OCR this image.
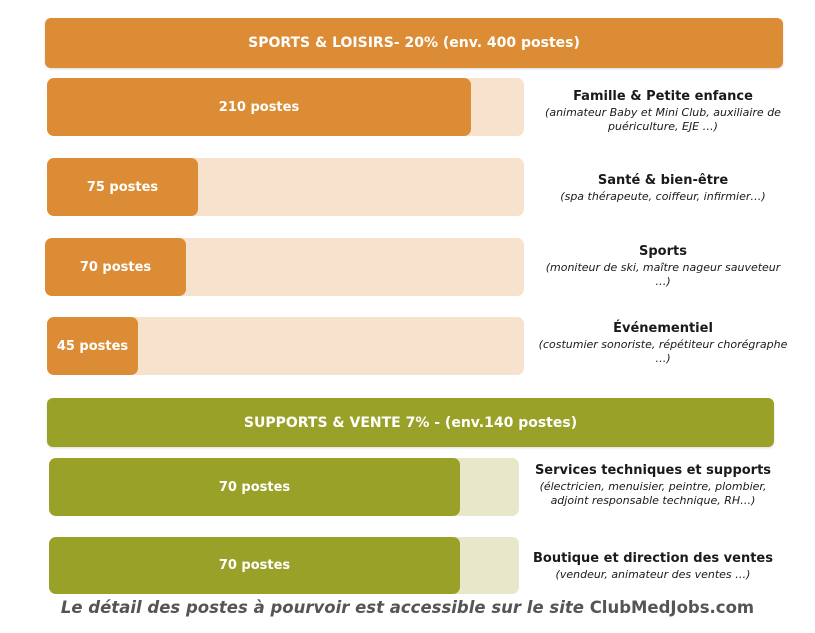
SPORTS & LOISIRS- 20% (env. 400 postes)
SUPPORTS & VENTE 7% - (env.140 postes)
210 postes
Famille & Petite enfance
(animateur Baby et Mini Club, auxiliaire de puériculture, EJE …)
75 postes	Santé & bien-être
(spa thérapeute, coiffeur, infirmier…)
70 postes
Sports
(moniteur de ski, maître nageur sauveteur …)
45 postes
Événementiel
(costumier sonoriste, répétiteur chorégraphe …)
70 postes
Services techniques et supports
(électricien, menuisier, peintre, plombier, adjoint responsable technique, RH…)
70 postes	Boutique et direction des ventes
(vendeur, animateur des ventes …)
Le détail des postes à pourvoir est accessible sur le site ClubMedJobs.com
